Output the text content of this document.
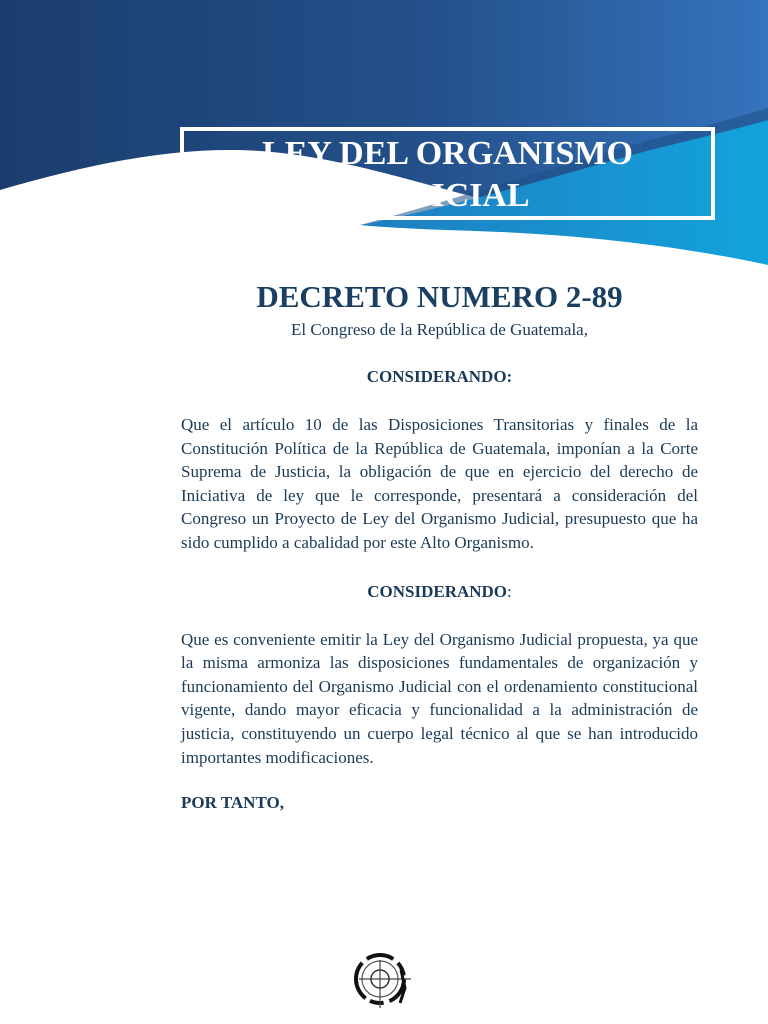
LEY DEL ORGANISMO
JUDICIAL

DECRETO NUMERO 2-89

El Congreso de la República de Guatemala,

CONSIDERANDO:

Que el artículo 10 de las Disposiciones Transitorias y finales de la Constitución Política de la República de Guatemala, imponían a la Corte Suprema de Justicia, la obligación de que en ejercicio del derecho de Iniciativa de ley que le corresponde, presentará a consideración del Congreso un Proyecto de Ley del Organismo Judicial, presupuesto que ha sido cumplido a cabalidad por este Alto Organismo.

CONSIDERANDO:

Que es conveniente emitir la Ley del Organismo Judicial propuesta, ya que la misma armoniza las disposiciones fundamentales de organización y funcionamiento del Organismo Judicial con el ordenamiento constitucional vigente, dando mayor eficacia y funcionalidad a la administración de justicia, constituyendo un cuerpo legal técnico al que se han introducido importantes modificaciones.

POR TANTO,
